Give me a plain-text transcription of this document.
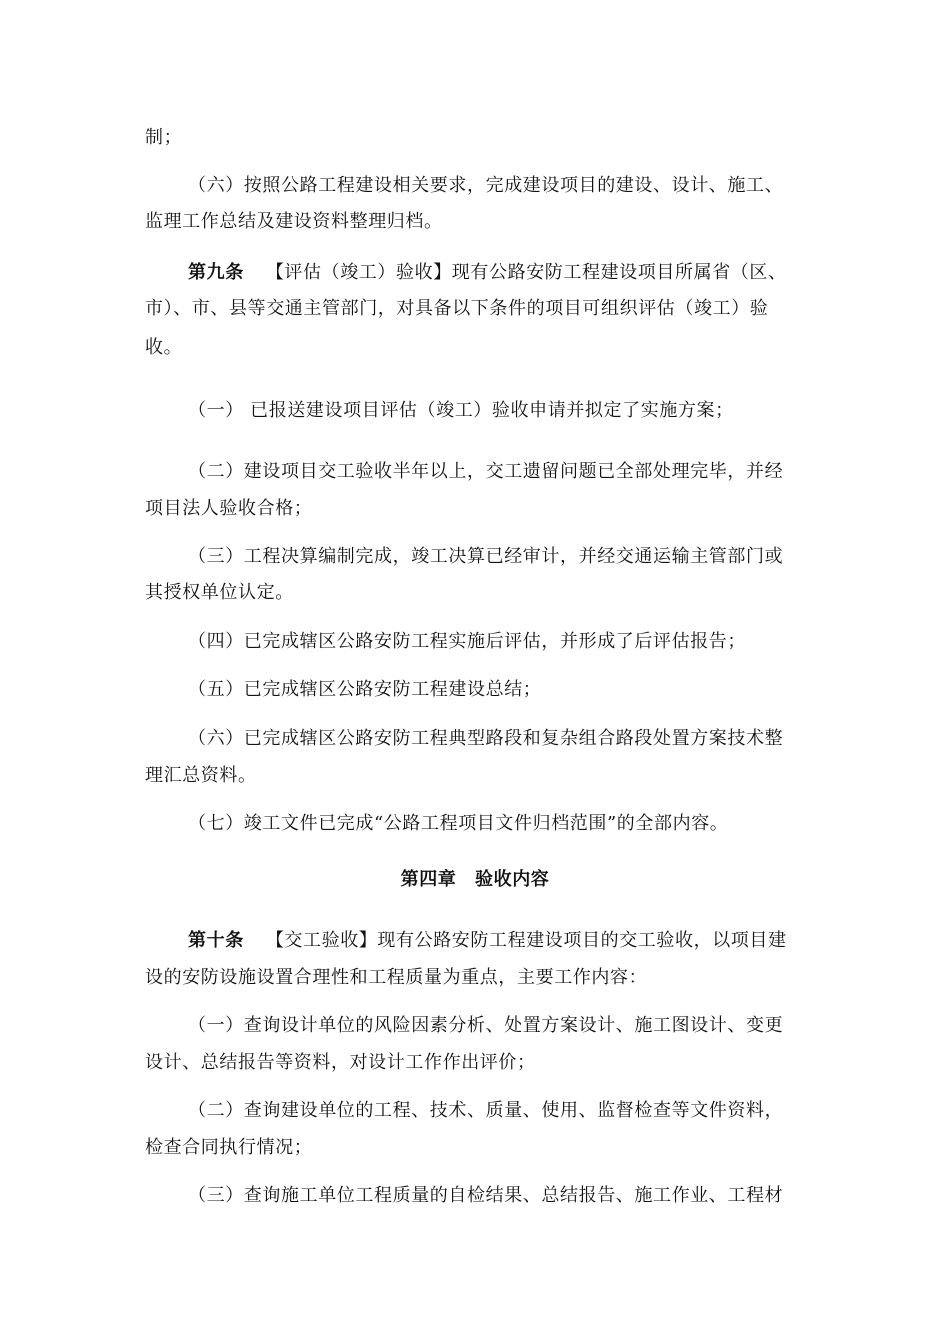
制；
（六）按照公路工程建设相关要求，完成建设项目的建设、设计、施工、
监理工作总结及建设资料整理归档。
第九条 【评估（竣工）验收】现有公路安防工程建设项目所属省（区、
市）、市、县等交通主管部门，对具备以下条件的项目可组织评估（竣工）验
收。
（一） 已报送建设项目评估（竣工）验收申请并拟定了实施方案；
（二）建设项目交工验收半年以上，交工遗留问题已全部处理完毕，并经
项目法人验收合格；
（三）工程决算编制完成，竣工决算已经审计，并经交通运输主管部门或
其授权单位认定。
（四）已完成辖区公路安防工程实施后评估，并形成了后评估报告；
（五）已完成辖区公路安防工程建设总结；
（六）已完成辖区公路安防工程典型路段和复杂组合路段处置方案技术整
理汇总资料。
（七）竣工文件已完成“公路工程项目文件归档范围”的全部内容。
第四章　验收内容
第十条 【交工验收】现有公路安防工程建设项目的交工验收，以项目建
设的安防设施设置合理性和工程质量为重点，主要工作内容：
（一）查询设计单位的风险因素分析、处置方案设计、施工图设计、变更
设计、总结报告等资料，对设计工作作出评价；
（二）查询建设单位的工程、技术、质量、使用、监督检查等文件资料，
检查合同执行情况；
（三）查询施工单位工程质量的自检结果、总结报告、施工作业、工程材
